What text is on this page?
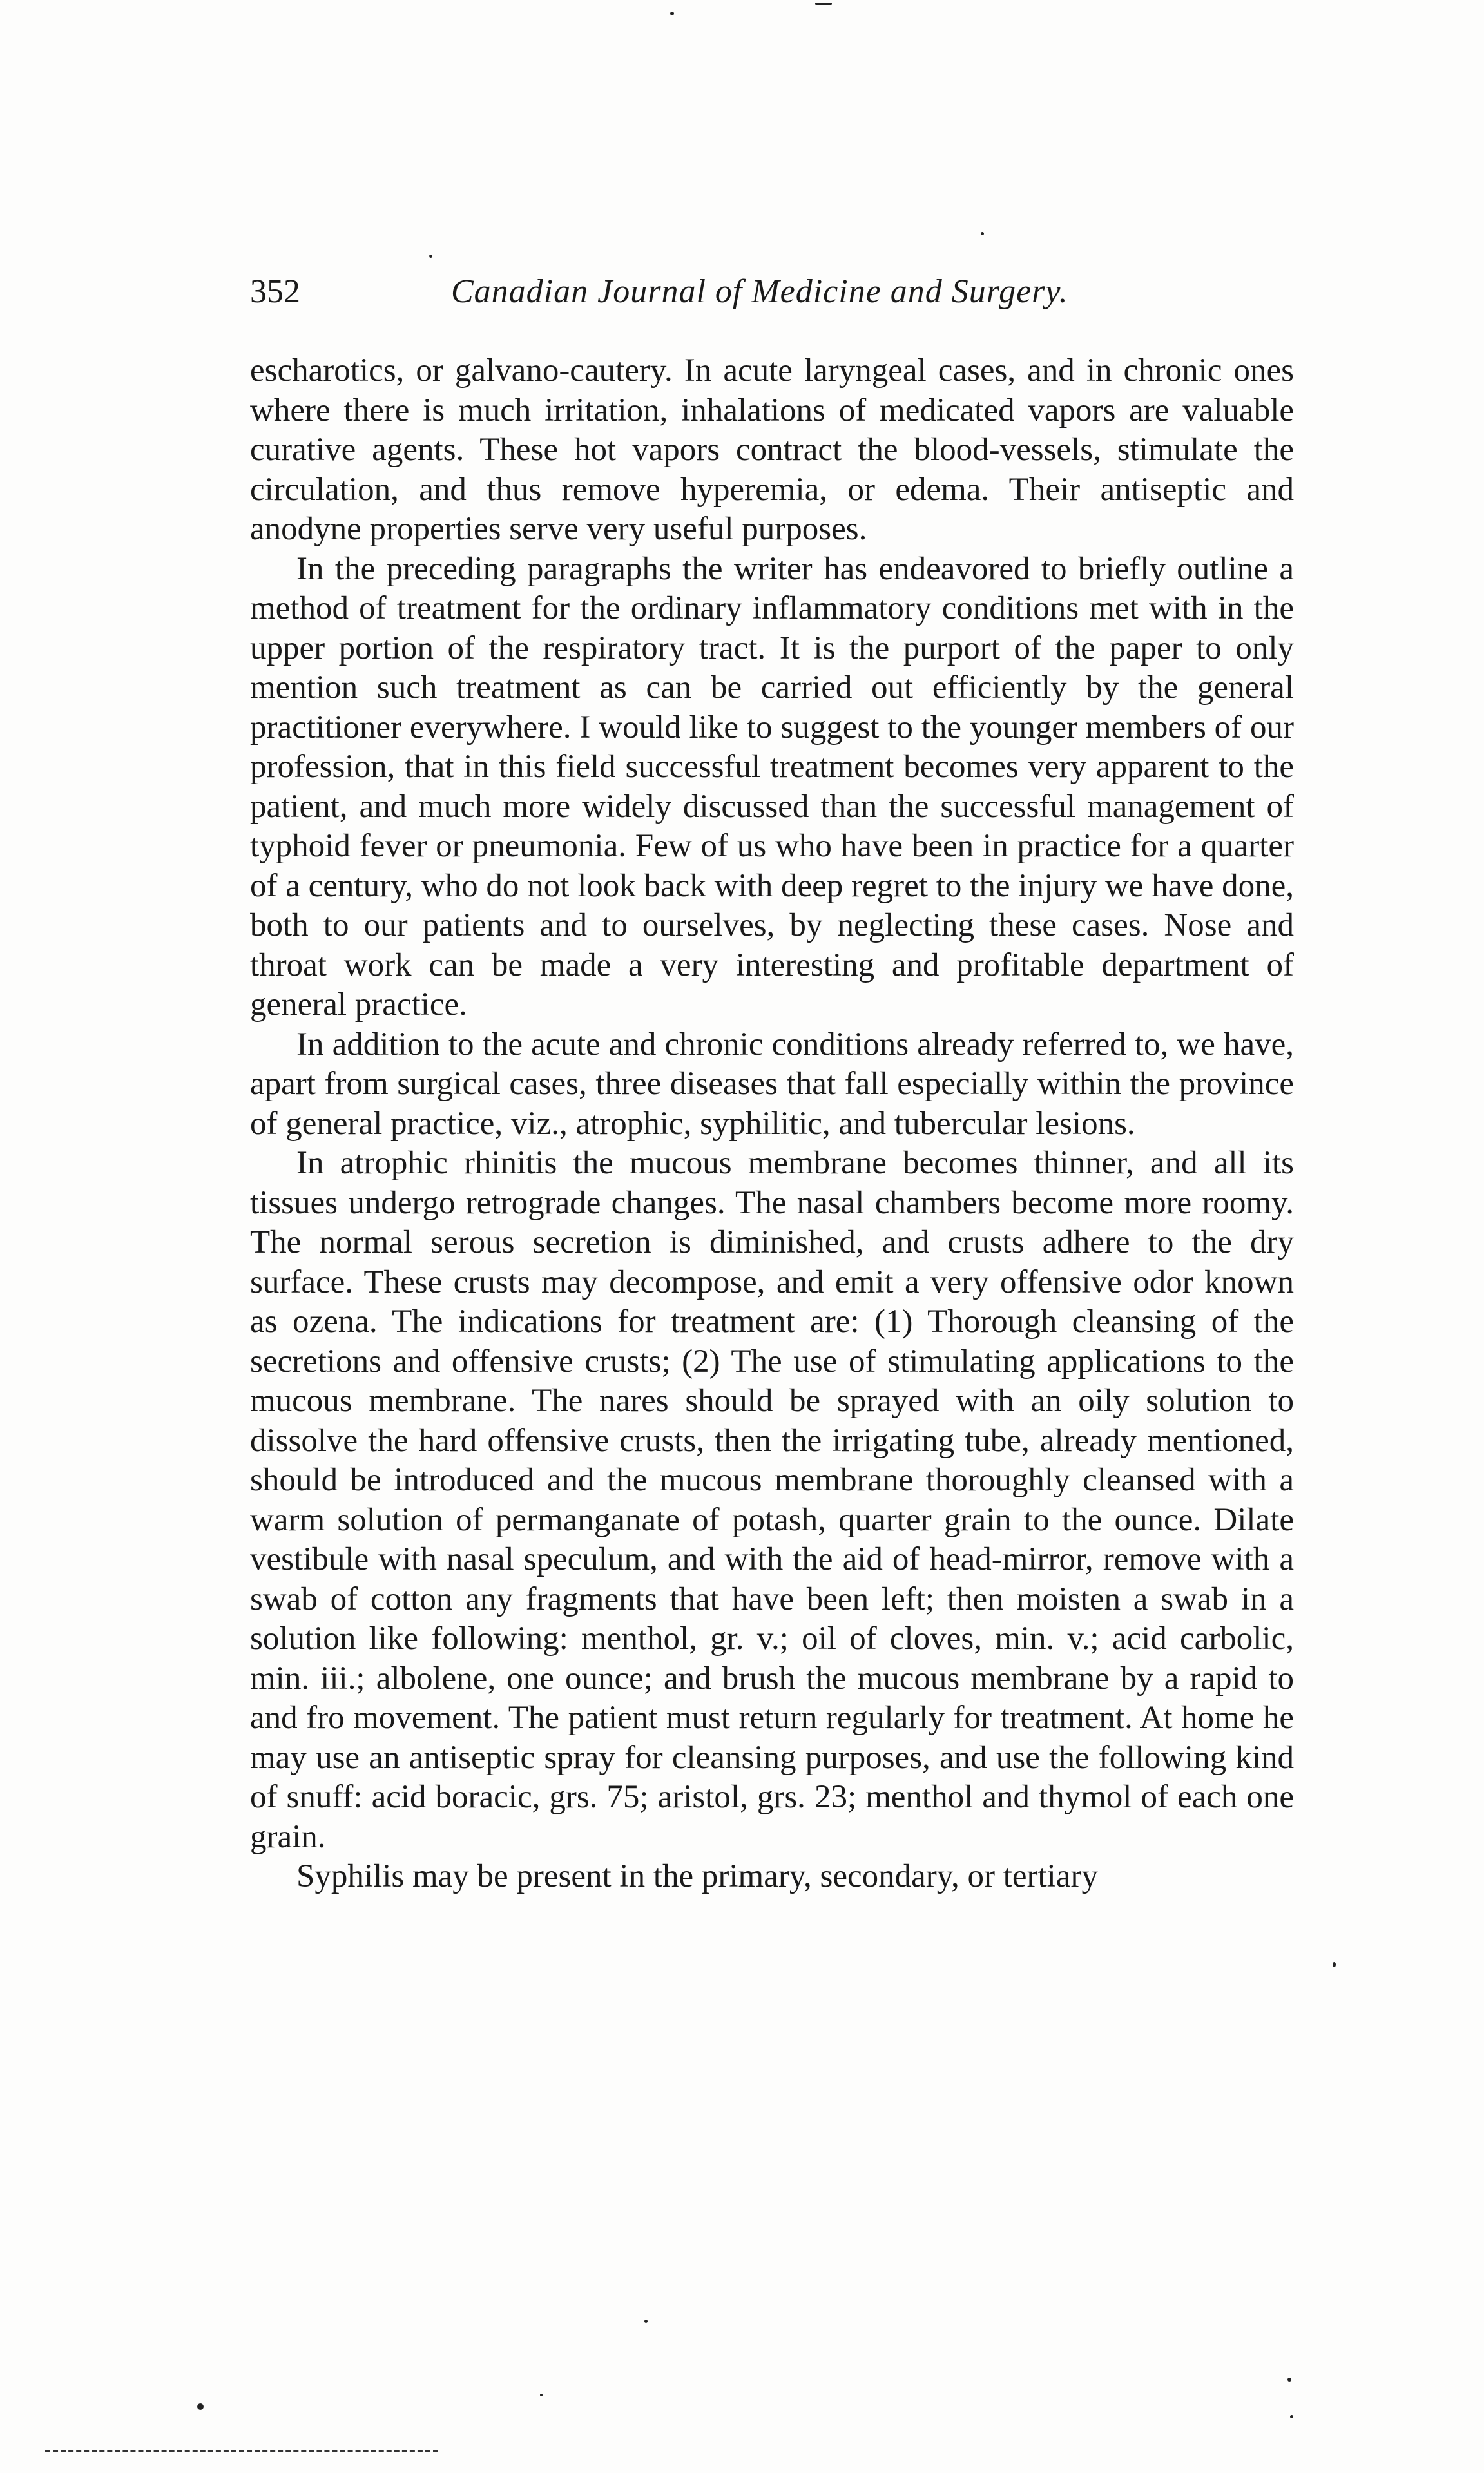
352	Canadian Journal of Medicine and Surgery.

escharotics, or galvano-cautery. In acute laryngeal cases, and in chronic ones where there is much irritation, inhalations of medicated vapors are valuable curative agents. These hot vapors contract the blood-vessels, stimulate the circulation, and thus remove hyperemia, or edema. Their antiseptic and anodyne properties serve very useful purposes.

In the preceding paragraphs the writer has endeavored to briefly outline a method of treatment for the ordinary inflammatory conditions met with in the upper portion of the respiratory tract. It is the purport of the paper to only mention such treatment as can be carried out efficiently by the general practitioner everywhere. I would like to suggest to the younger members of our profession, that in this field successful treatment becomes very apparent to the patient, and much more widely discussed than the successful management of typhoid fever or pneumonia. Few of us who have been in practice for a quarter of a century, who do not look back with deep regret to the injury we have done, both to our patients and to ourselves, by neglecting these cases. Nose and throat work can be made a very interesting and profitable department of general practice.

In addition to the acute and chronic conditions already referred to, we have, apart from surgical cases, three diseases that fall especially within the province of general practice, viz., atrophic, syphilitic, and tubercular lesions.

In atrophic rhinitis the mucous membrane becomes thinner, and all its tissues undergo retrograde changes. The nasal chambers become more roomy. The normal serous secretion is diminished, and crusts adhere to the dry surface. These crusts may decompose, and emit a very offensive odor known as ozena. The indications for treatment are: (1) Thorough cleansing of the secretions and offensive crusts; (2) The use of stimulating applications to the mucous membrane. The nares should be sprayed with an oily solution to dissolve the hard offensive crusts, then the irrigating tube, already mentioned, should be introduced and the mucous membrane thoroughly cleansed with a warm solution of permanganate of potash, quarter grain to the ounce. Dilate vestibule with nasal speculum, and with the aid of head-mirror, remove with a swab of cotton any fragments that have been left; then moisten a swab in a solution like following: menthol, gr. v.; oil of cloves, min. v.; acid carbolic, min. iii.; albolene, one ounce; and brush the mucous membrane by a rapid to and fro movement. The patient must return regularly for treatment. At home he may use an antiseptic spray for cleansing purposes, and use the following kind of snuff: acid boracic, grs. 75; aristol, grs. 23; menthol and thymol of each one grain.

Syphilis may be present in the primary, secondary, or tertiary
